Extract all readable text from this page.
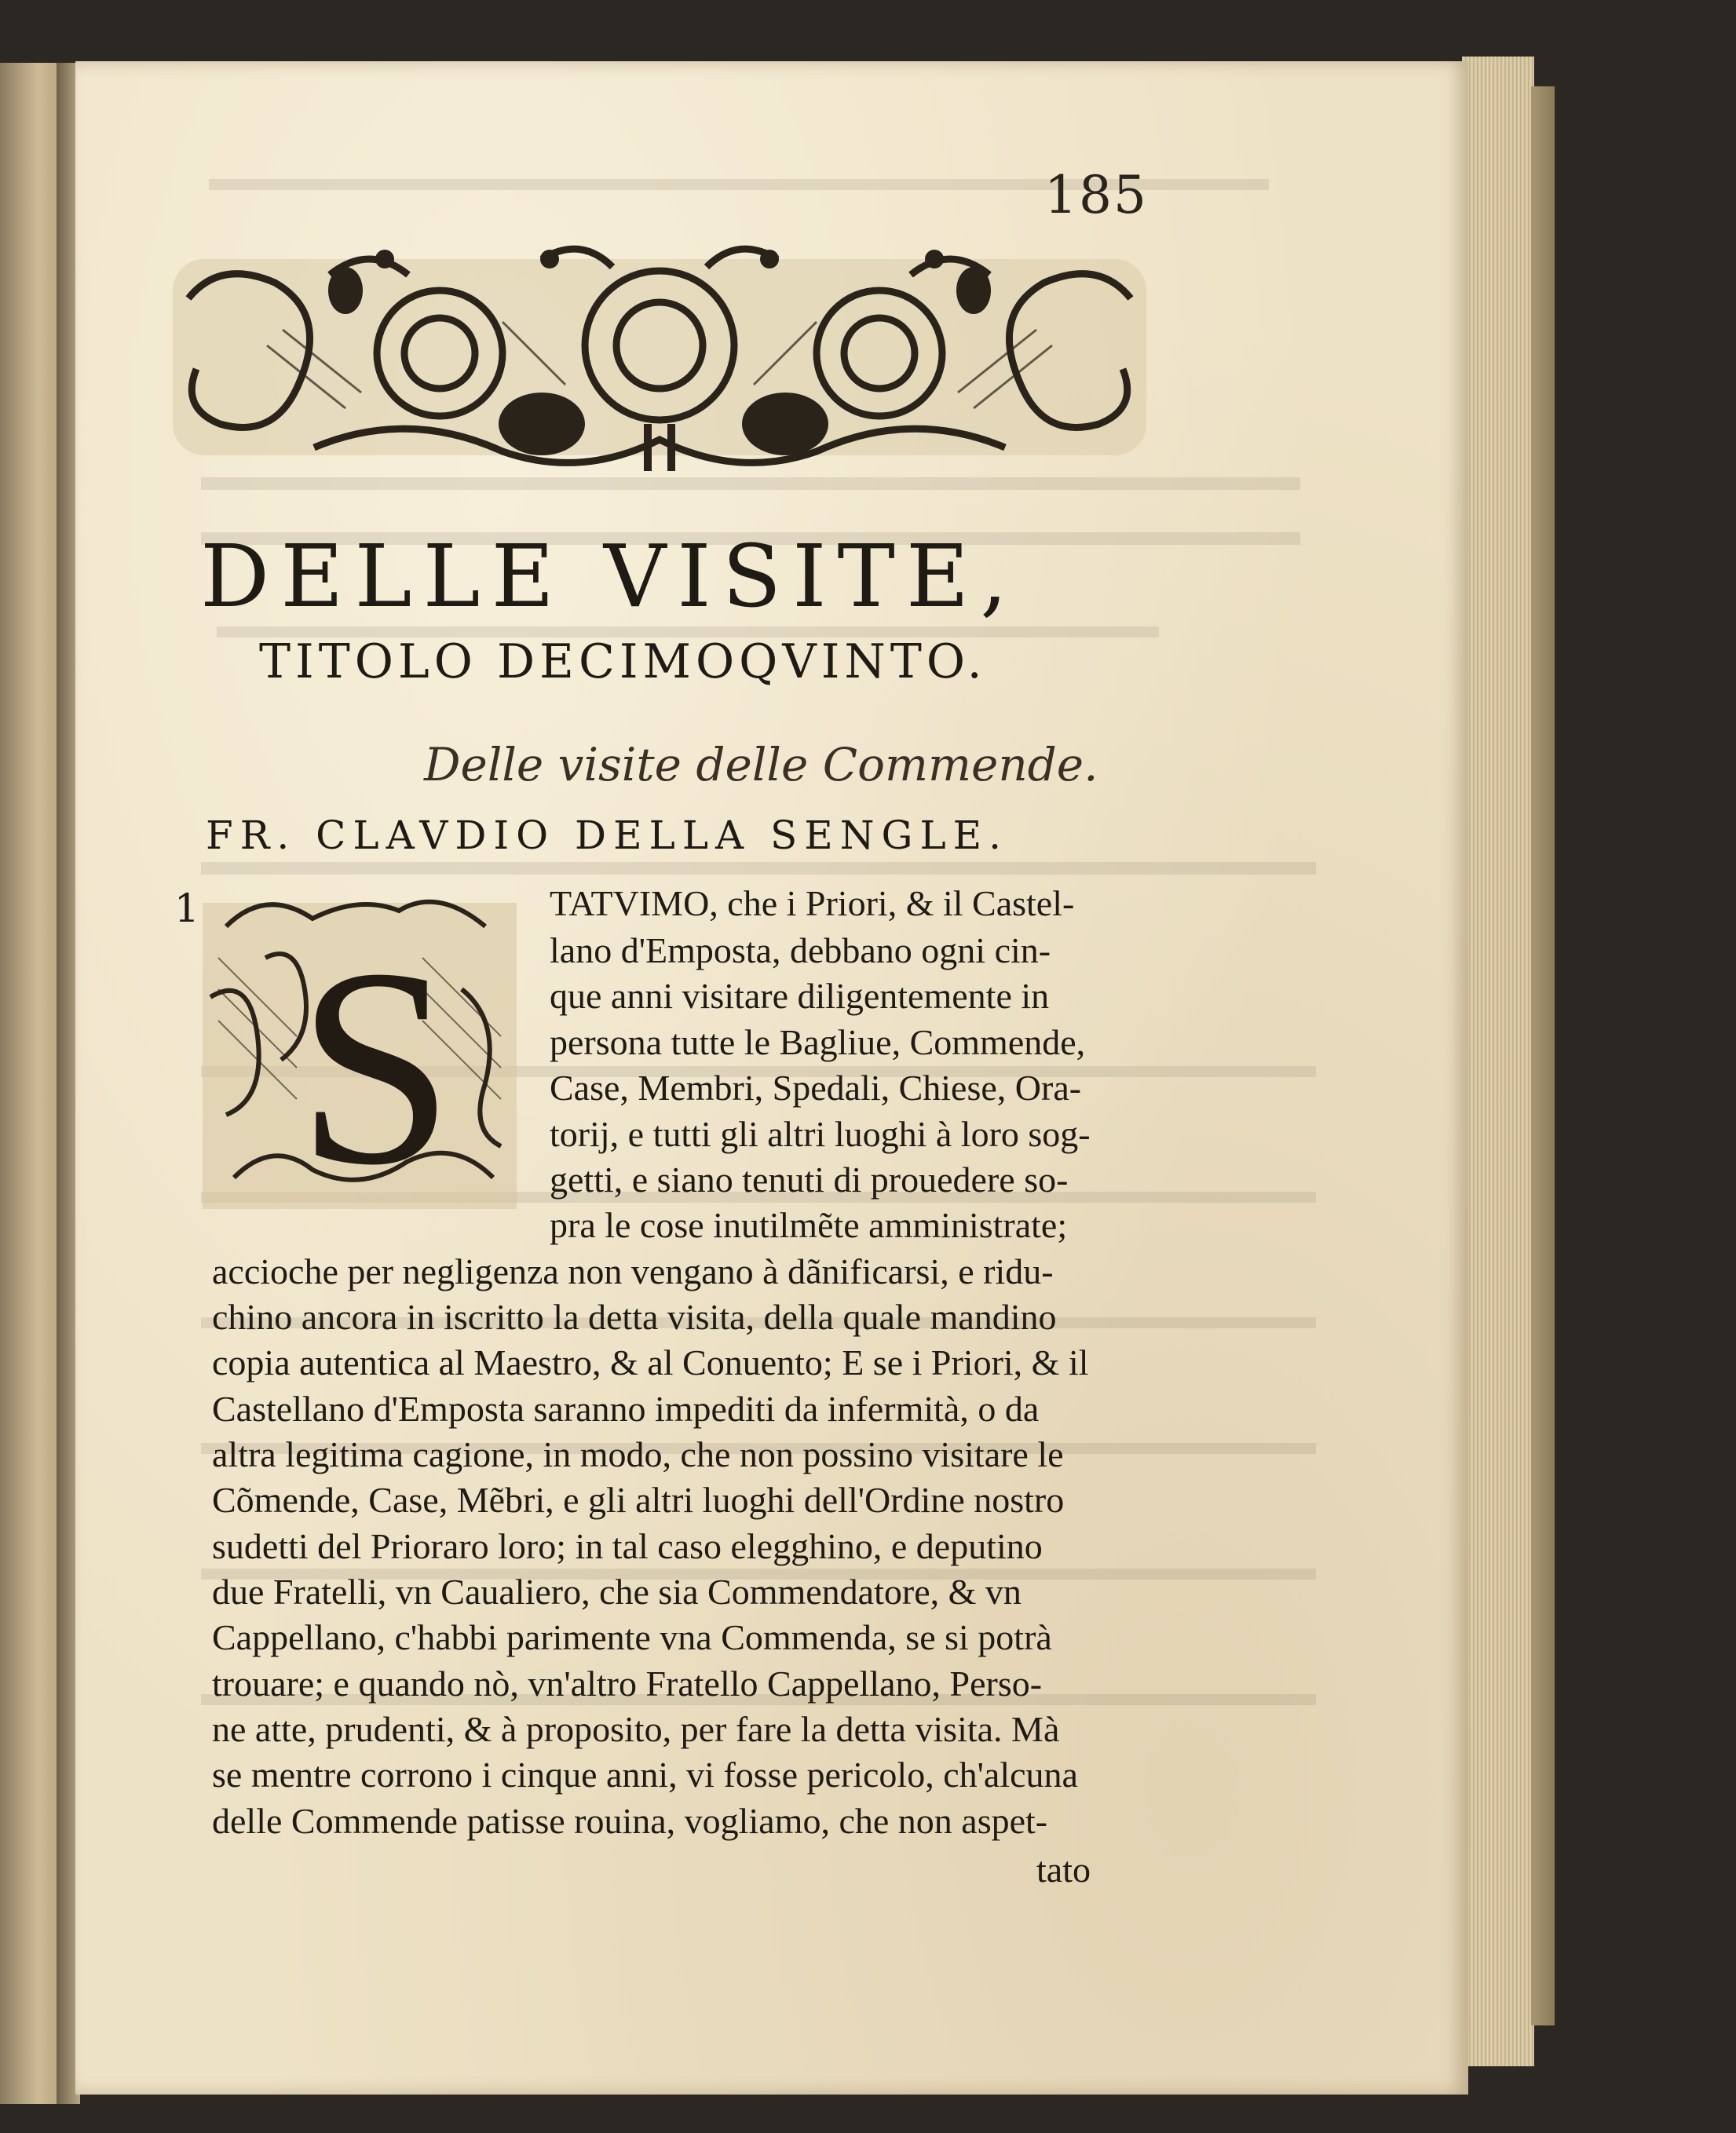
185
DELLE VISITE,
TITOLO DECIMOQVINTO.
Delle visite delle Commende.
FR. CLAVDIO DELLA SENGLE.
1
S
TATVIMO, che i Priori, & il Castel-
lano d'Emposta, debbano ogni cin-
que anni visitare diligentemente in
persona tutte le Bagliue, Commende,
Case, Membri, Spedali, Chiese, Ora-
torij, e tutti gli altri luoghi à loro sog-
getti, e siano tenuti di prouedere so-
pra le cose inutilmẽte amministrate;
accioche per negligenza non vengano à dãnificarsi, e ridu-
chino ancora in iscritto la detta visita, della quale mandino
copia autentica al Maestro, & al Conuento; E se i Priori, & il
Castellano d'Emposta saranno impediti da infermità, o da
altra legitima cagione, in modo, che non possino visitare le
Cõmende, Case, Mẽbri, e gli altri luoghi dell'Ordine nostro
sudetti del Prioraro loro; in tal caso elegghino, e deputino
due Fratelli, vn Caualiero, che sia Commendatore, & vn
Cappellano, c'habbi parimente vna Commenda, se si potrà
trouare; e quando nò, vn'altro Fratello Cappellano, Perso-
ne atte, prudenti, & à proposito, per fare la detta visita. Mà
se mentre corrono i cinque anni, vi fosse pericolo, ch'alcuna
delle Commende patisse rouina, vogliamo, che non aspet-
tato
